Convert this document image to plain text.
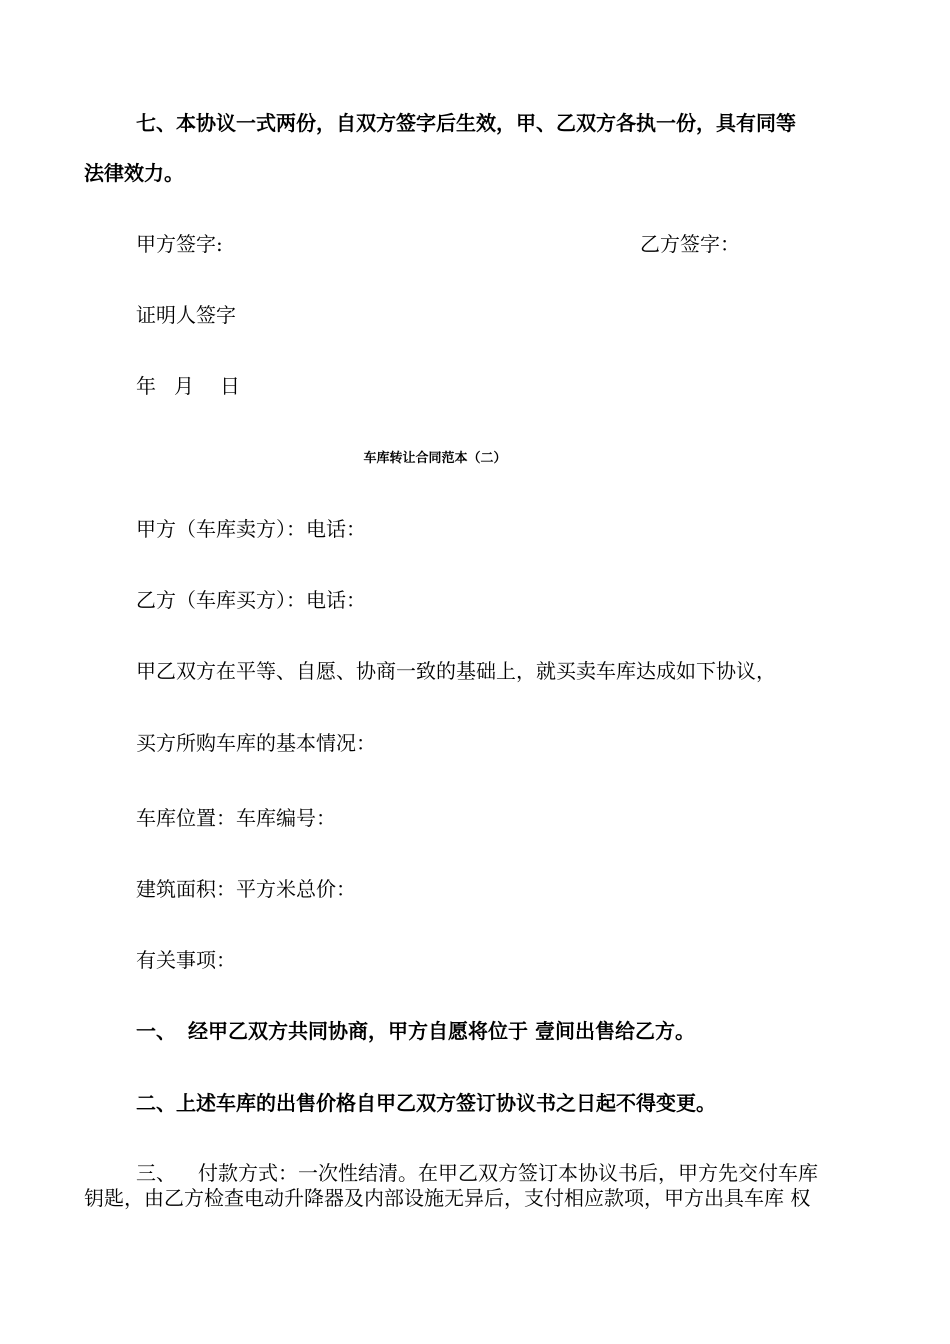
七、本协议一式两份，自双方签字后生效，甲、乙双方各执一份，具有同等
法律效力。
甲方签字:	乙方签字：
证明人签字
年 月 日
车库转让合同范本（二）
甲方（车库卖方）：电话：
乙方（车库买方）：电话：
甲乙双方在平等、自愿、协商一致的基础上，就买卖车库达成如下协议，
买方所购车库的基本情况：
车库位置：车库编号：
建筑面积：平方米总价：
有关事项：
一、 经甲乙双方共同协商，甲方自愿将位于 壹间出售给乙方。
二、上述车库的出售价格自甲乙双方签订协议书之日起不得变更。
三、 付款方式：一次性结清。在甲乙双方签订本协议书后，甲方先交付车库
钥匙，由乙方检查电动升降器及内部设施无异后，支付相应款项，甲方出具车库 权
